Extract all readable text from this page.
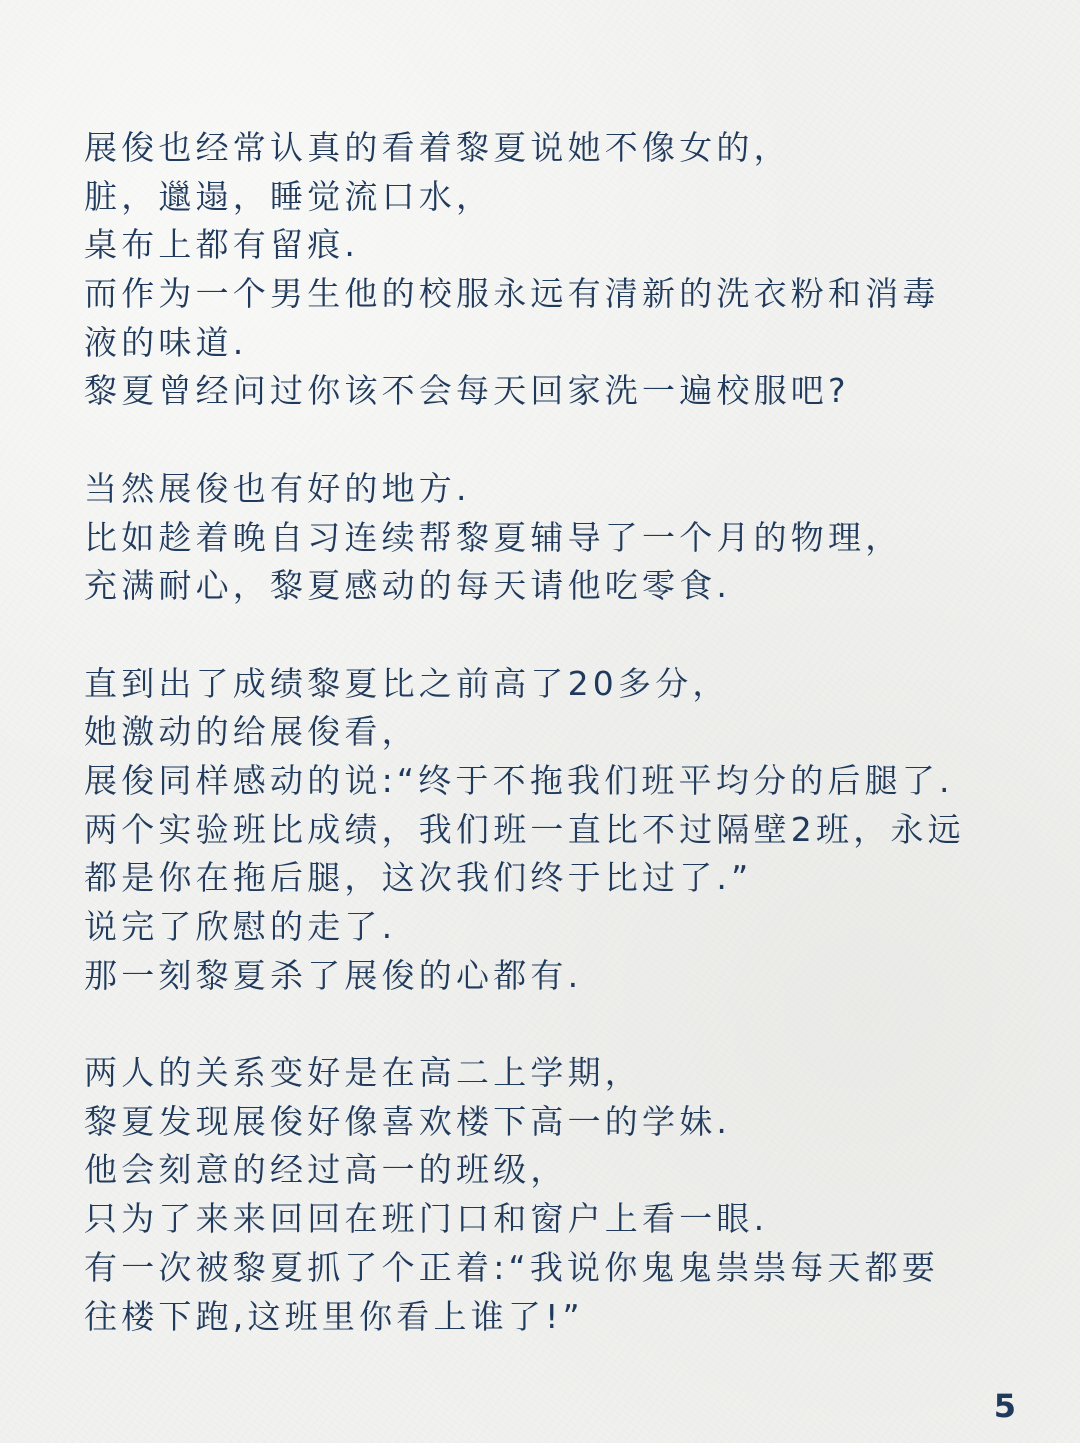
展俊也经常认真的看着黎夏说她不像女的，
脏，邋遢，睡觉流口水，
桌布上都有留痕.
而作为一个男生他的校服永远有清新的洗衣粉和消毒
液的味道.
黎夏曾经问过你该不会每天回家洗一遍校服吧?
当然展俊也有好的地方.
比如趁着晚自习连续帮黎夏辅导了一个月的物理，
充满耐心，黎夏感动的每天请他吃零食.
直到出了成绩黎夏比之前高了20多分，
她激动的给展俊看，
展俊同样感动的说:“终于不拖我们班平均分的后腿了.
两个实验班比成绩，我们班一直比不过隔壁2班，永远
都是你在拖后腿，这次我们终于比过了.”
说完了欣慰的走了.
那一刻黎夏杀了展俊的心都有.
两人的关系变好是在高二上学期，
黎夏发现展俊好像喜欢楼下高一的学妹.
他会刻意的经过高一的班级，
只为了来来回回在班门口和窗户上看一眼.
有一次被黎夏抓了个正着:“我说你鬼鬼祟祟每天都要
往楼下跑,这班里你看上谁了!”
5
